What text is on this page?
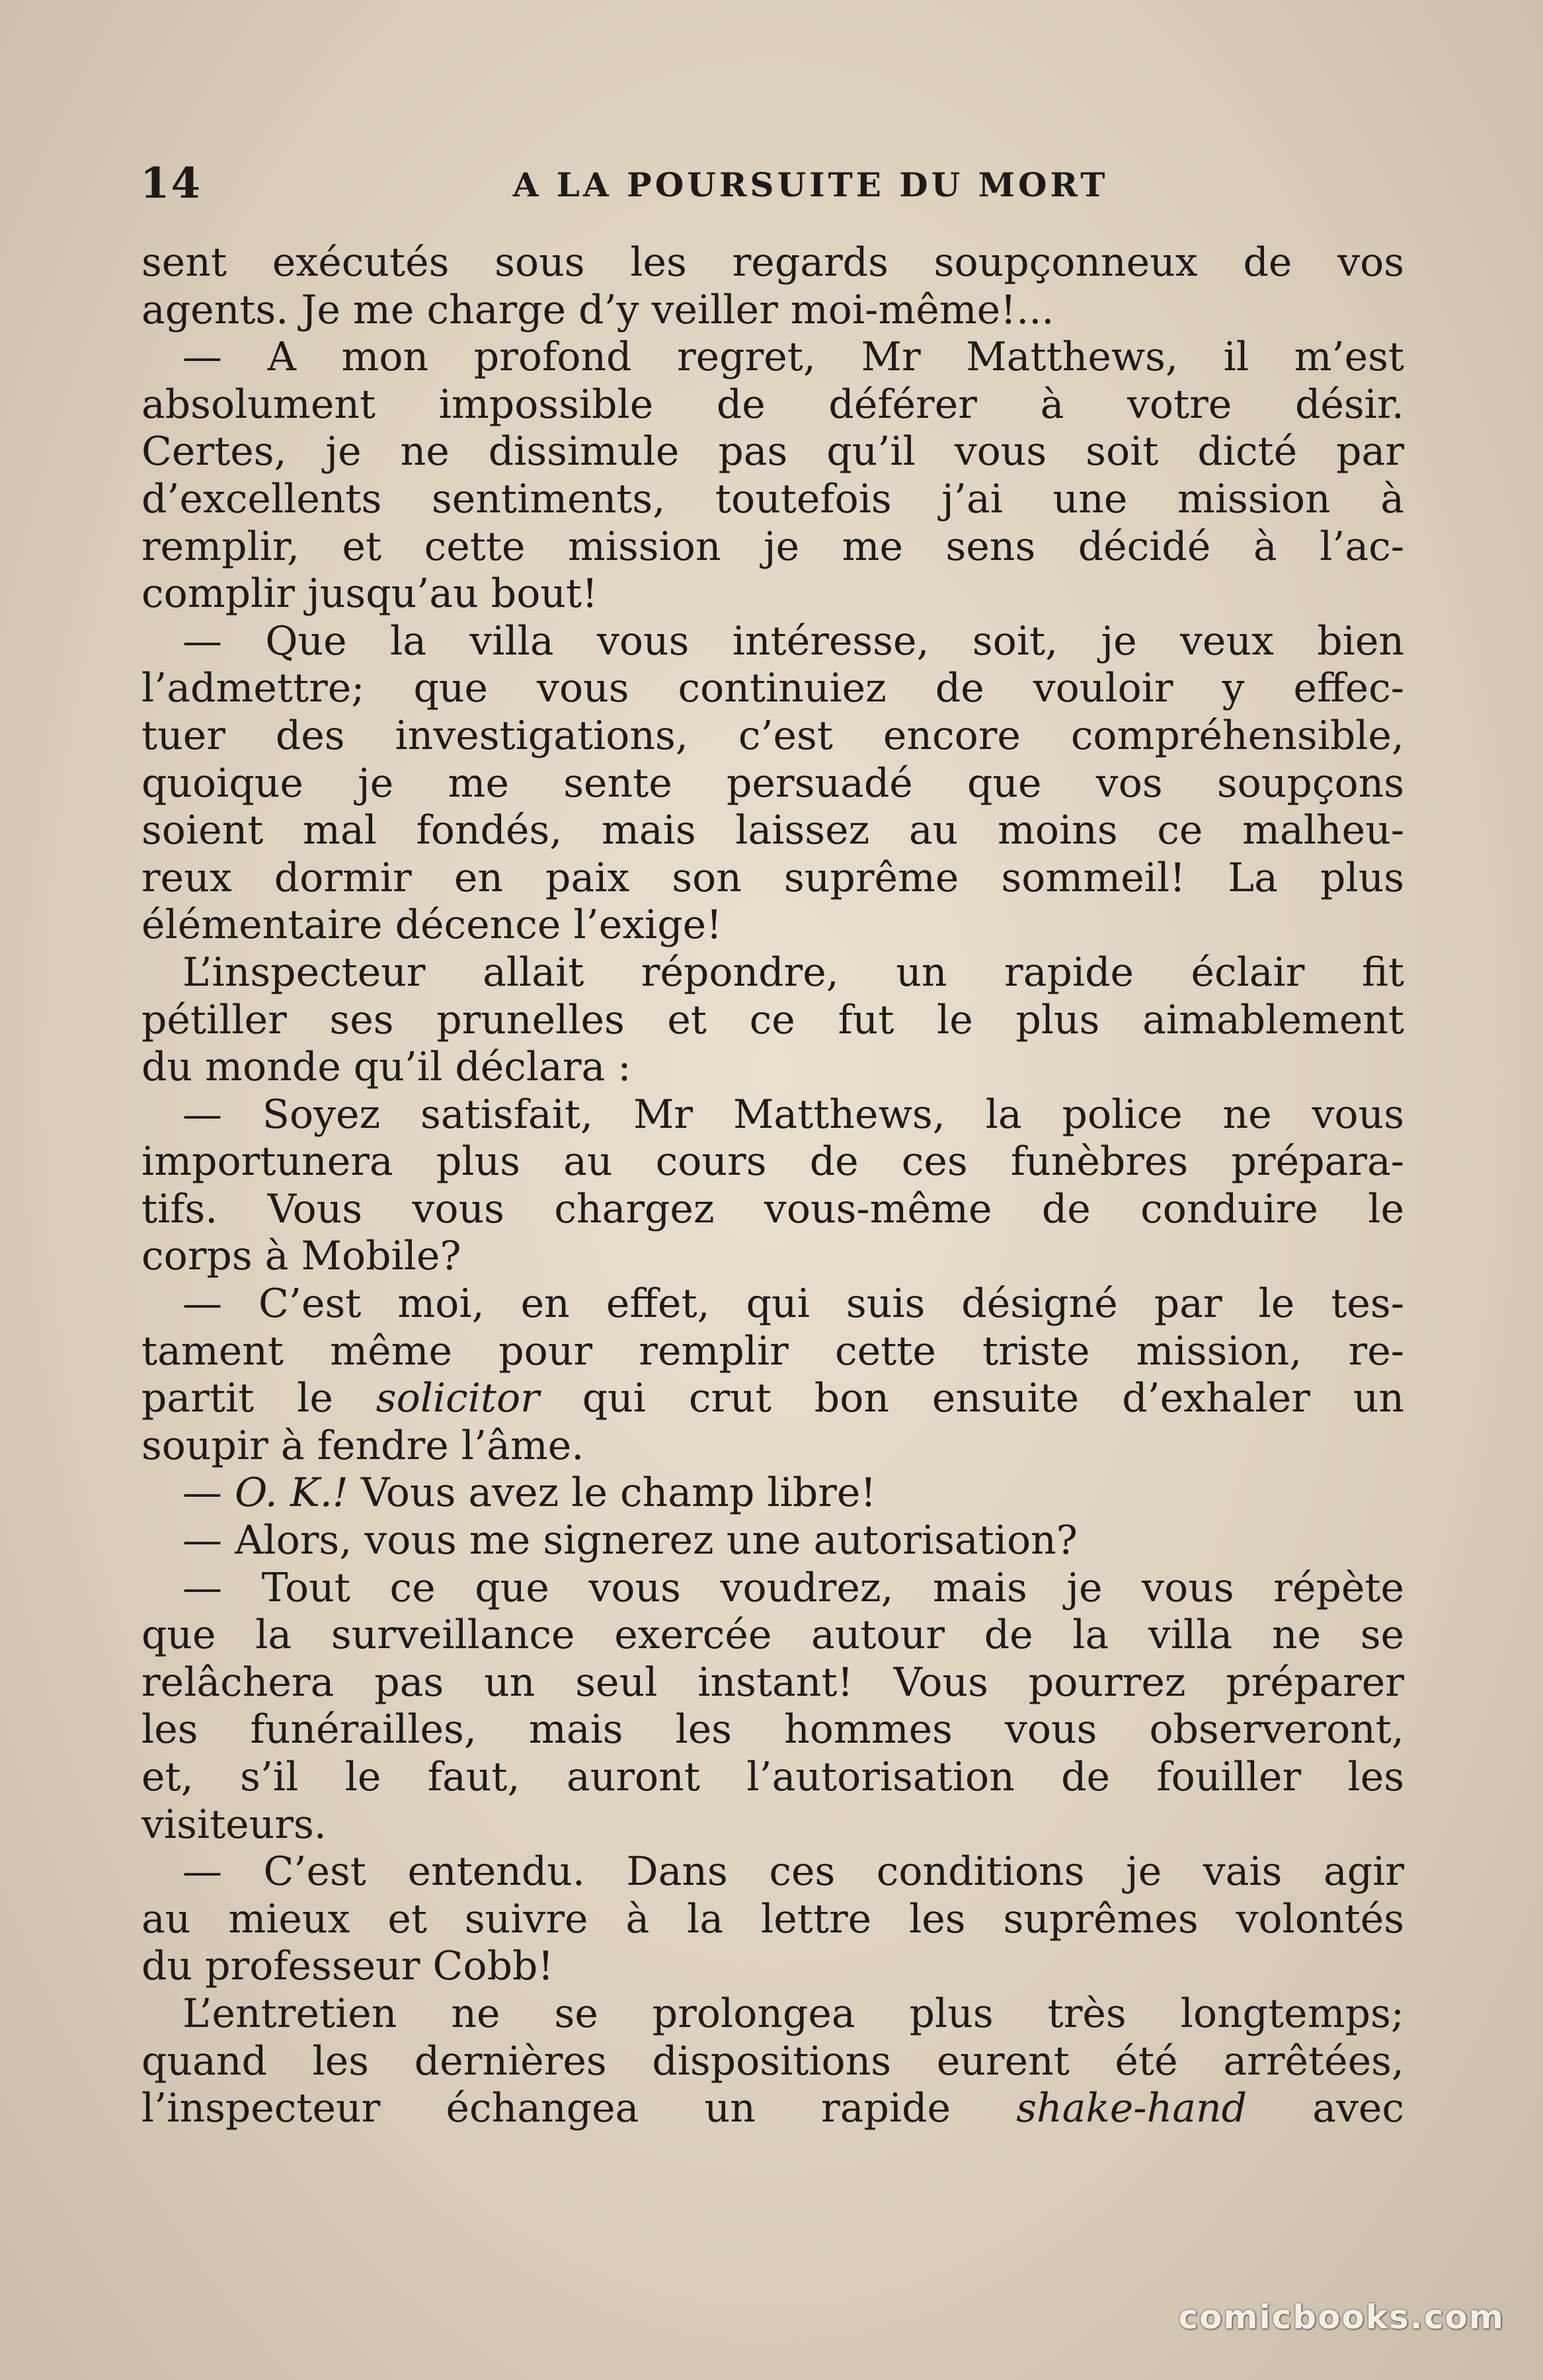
14	A LA POURSUITE DU MORT
sent exécutés sous les regards soupçonneux de vos
agents. Je me charge d’y veiller moi-même!...
— A mon profond regret, Mr Matthews, il m’est
absolument impossible de déférer à votre désir.
Certes, je ne dissimule pas qu’il vous soit dicté par
d’excellents sentiments, toutefois j’ai une mission à
remplir, et cette mission je me sens décidé à l’ac-
complir jusqu’au bout!
— Que la villa vous intéresse, soit, je veux bien
l’admettre; que vous continuiez de vouloir y effec-
tuer des investigations, c’est encore compréhensible,
quoique je me sente persuadé que vos soupçons
soient mal fondés, mais laissez au moins ce malheu-
reux dormir en paix son suprême sommeil! La plus
élémentaire décence l’exige!
L’inspecteur allait répondre, un rapide éclair fit
pétiller ses prunelles et ce fut le plus aimablement
du monde qu’il déclara :
— Soyez satisfait, Mr Matthews, la police ne vous
importunera plus au cours de ces funèbres prépara-
tifs. Vous vous chargez vous-même de conduire le
corps à Mobile?
— C’est moi, en effet, qui suis désigné par le tes-
tament même pour remplir cette triste mission, re-
partit le solicitor qui crut bon ensuite d’exhaler un
soupir à fendre l’âme.
— O. K.! Vous avez le champ libre!
— Alors, vous me signerez une autorisation?
— Tout ce que vous voudrez, mais je vous répète
que la surveillance exercée autour de la villa ne se
relâchera pas un seul instant! Vous pourrez préparer
les funérailles, mais les hommes vous observeront,
et, s’il le faut, auront l’autorisation de fouiller les
visiteurs.
— C’est entendu. Dans ces conditions je vais agir
au mieux et suivre à la lettre les suprêmes volontés
du professeur Cobb!
L’entretien ne se prolongea plus très longtemps;
quand les dernières dispositions eurent été arrêtées,
l’inspecteur échangea un rapide shake-hand avec
comicbooks.com
